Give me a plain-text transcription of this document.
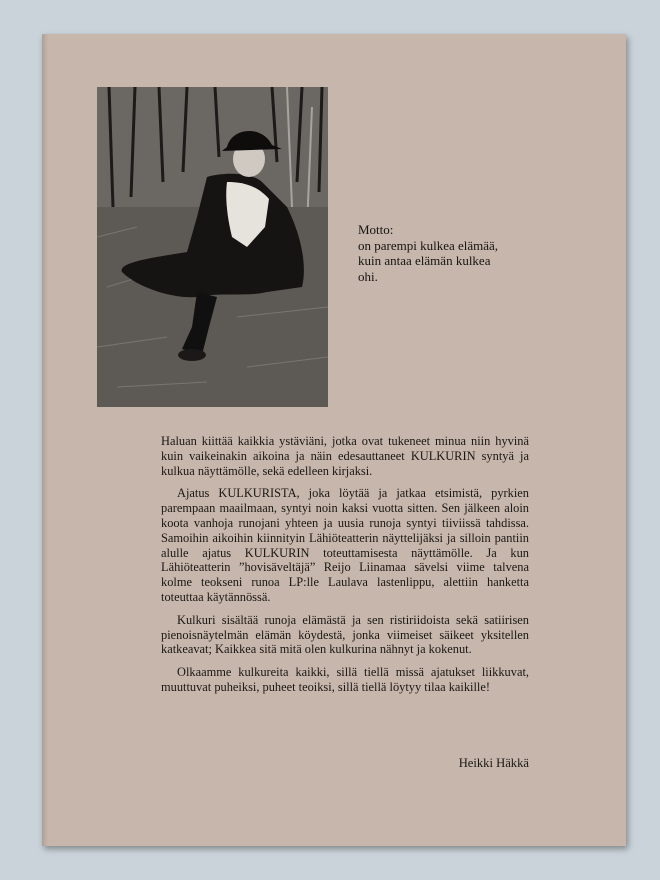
Motto:
on parempi kulkea elämää,
kuin antaa elämän kulkea
ohi.

Haluan kiittää kaikkia ystäviäni, jotka ovat tukeneet minua niin hyvinä kuin vaikeinakin aikoina ja näin edesauttaneet KULKURIN syntyä ja kulkua näyttämölle, sekä edelleen kirjaksi.

Ajatus KULKURISTA, joka löytää ja jatkaa etsimistä, pyrkien parempaan maailmaan, syntyi noin kaksi vuotta sitten. Sen jälkeen aloin koota vanhoja runojani yhteen ja uusia runoja syntyi tiiviissä tahdissa. Samoihin aikoihin kiinnityin Lähiöteatterin näyttelijäksi ja silloin pantiin alulle ajatus KULKURIN toteuttamisesta näyttämölle. Ja kun Lähiöteatterin ”hovisäveltäjä” Reijo Liinamaa sävelsi viime talvena kolme teokseni runoa LP:lle Laulava lastenlippu, alettiin hanketta toteuttaa käytännössä.

Kulkuri sisältää runoja elämästä ja sen ristiriidoista sekä satiirisen pienoisnäytelmän elämän köydestä, jonka viimeiset säikeet yksitellen katkeavat; Kaikkea sitä mitä olen kulkurina nähnyt ja kokenut.

Olkaamme kulkureita kaikki, sillä tiellä missä ajatukset liikkuvat, muuttuvat puheiksi, puheet teoiksi, sillä tiellä löytyy tilaa kaikille!

Heikki Häkkä
